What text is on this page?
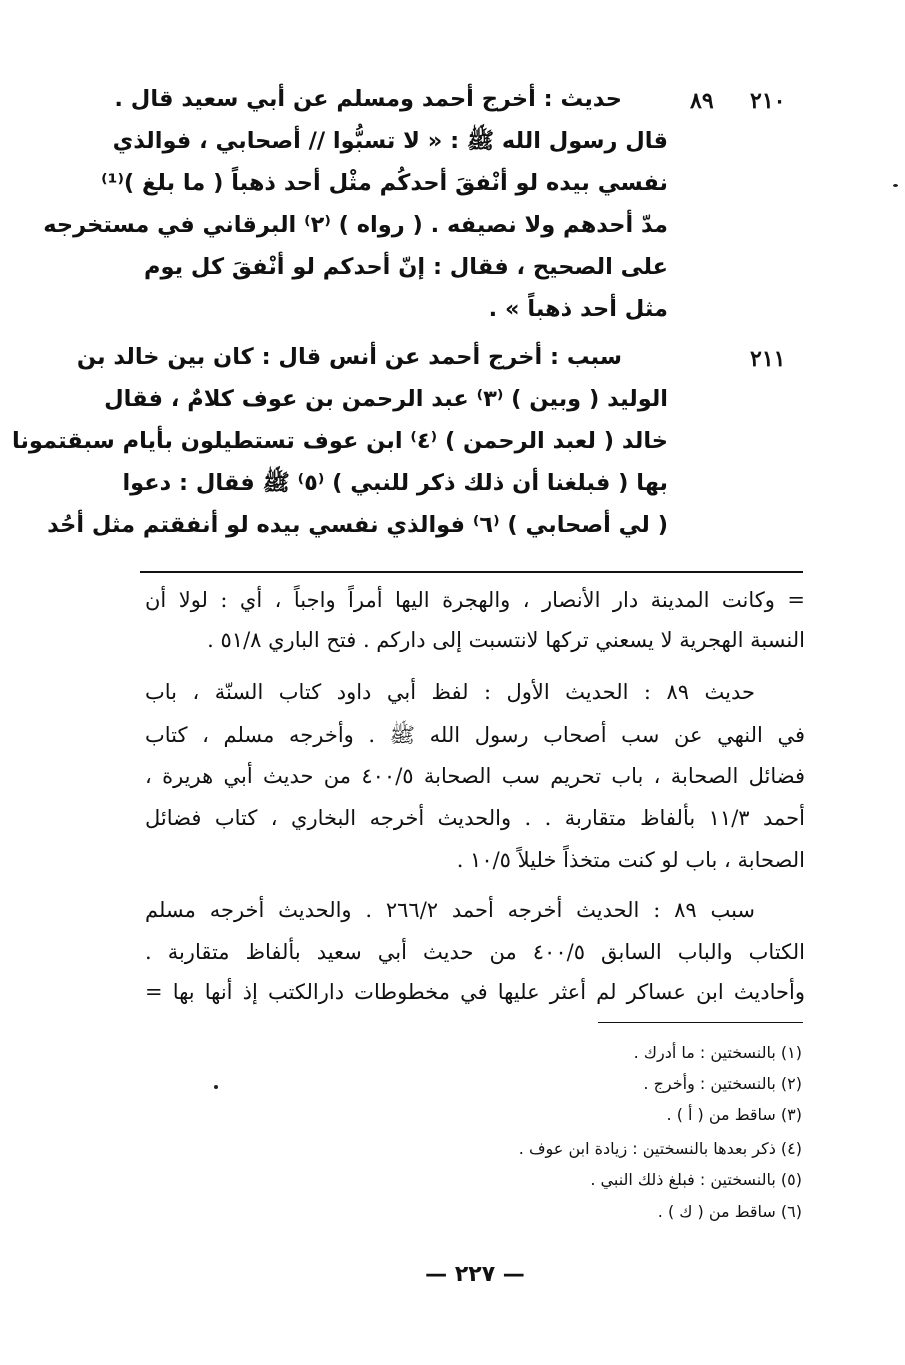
٢١٠
٨٩
حديث : أخرج أحمد ومسلم عن أبي سعيد قال .
قال رسول الله ﷺ : « لا تسبُّوا // أصحابي ، فوالذي
نفسي بيده لو أنْفقَ أحدكُم مثْل أحد ذهباً ( ما بلغ )⁽¹⁾
مدّ أحدهم ولا نصيفه . ( رواه ) ⁽٢⁾ البرقاني في مستخرجه
على الصحيح ، فقال : إنّ أحدكم لو أنْفقَ كل يوم
مثل أحد ذهباً » .
٢١١
سبب : أخرج أحمد عن أنس قال : كان بين خالد بن
الوليد ( وبين ) ⁽٣⁾ عبد الرحمن بن عوف كلامٌ ، فقال
خالد ( لعبد الرحمن ) ⁽٤⁾ ابن عوف تستطيلون بأيام سبقتمونا
بها ( فبلغنا أن ذلك ذكر للنبي ) ⁽٥⁾ ﷺ فقال : دعوا
( لي أصحابي ) ⁽٦⁾ فوالذي نفسي بيده لو أنفقتم مثل أحُد
= وكانت المدينة دار الأنصار ، والهجرة اليها أمراً واجباً ، أي : لولا أن
النسبة الهجرية لا يسعني تركها لانتسبت إلى داركم . فتح الباري ٥١/٨ .
حديث ٨٩ : الحديث الأول : لفظ أبي داود كتاب السنّة ، باب
في النهي عن سب أصحاب رسول الله ﷺ . وأخرجه مسلم ، كتاب
فضائل الصحابة ، باب تحريم سب الصحابة ٤٠٠/٥ من حديث أبي هريرة ،
أحمد ١١/٣ بألفاظ متقاربة . . والحديث أخرجه البخاري ، كتاب فضائل
الصحابة ، باب لو كنت متخذاً خليلاً ١٠/٥ .
سبب ٨٩ : الحديث أخرجه أحمد ٢٦٦/٢ . والحديث أخرجه مسلم
الكتاب والباب السابق ٤٠٠/٥ من حديث أبي سعيد بألفاظ متقاربة .
وأحاديث ابن عساكر لم أعثر عليها في مخطوطات دارالكتب إذ أنها بها =
(١) بالنسختين : ما أدرك .
(٢) بالنسختين : وأخرج .
(٣) ساقط من ( أ ) .
(٤) ذكر بعدها بالنسختين : زيادة ابن عوف .
(٥) بالنسختين : فبلغ ذلك النبي .
(٦) ساقط من ( ك ) .
— ٢٢٧ —
